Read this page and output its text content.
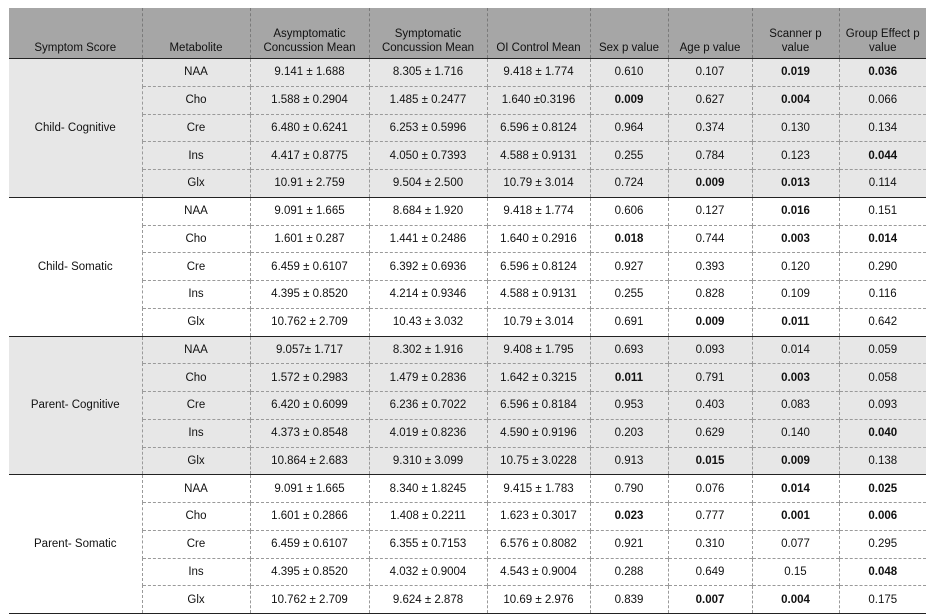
Symptom Score	Metabolite	Asymptomatic Concussion Mean	Symptomatic Concussion Mean	OI Control Mean	Sex p value	Age p value	Scanner p value	Group Effect p value
Child- Cognitive	NAA	9.141 ± 1.688	8.305 ± 1.716	9.418 ± 1.774	0.610	0.107	0.019	0.036
	Cho	1.588 ± 0.2904	1.485 ± 0.2477	1.640 ±0.3196	0.009	0.627	0.004	0.066
	Cre	6.480 ± 0.6241	6.253 ± 0.5996	6.596 ± 0.8124	0.964	0.374	0.130	0.134
	Ins	4.417 ± 0.8775	4.050 ± 0.7393	4.588 ± 0.9131	0.255	0.784	0.123	0.044
	Glx	10.91 ± 2.759	9.504 ± 2.500	10.79 ± 3.014	0.724	0.009	0.013	0.114
Child- Somatic	NAA	9.091 ± 1.665	8.684 ± 1.920	9.418 ± 1.774	0.606	0.127	0.016	0.151
	Cho	1.601 ± 0.287	1.441 ± 0.2486	1.640 ± 0.2916	0.018	0.744	0.003	0.014
	Cre	6.459 ± 0.6107	6.392 ± 0.6936	6.596 ± 0.8124	0.927	0.393	0.120	0.290
	Ins	4.395 ± 0.8520	4.214 ± 0.9346	4.588 ± 0.9131	0.255	0.828	0.109	0.116
	Glx	10.762 ± 2.709	10.43 ± 3.032	10.79 ± 3.014	0.691	0.009	0.011	0.642
Parent- Cognitive	NAA	9.057± 1.717	8.302 ± 1.916	9.408 ± 1.795	0.693	0.093	0.014	0.059
	Cho	1.572 ± 0.2983	1.479 ± 0.2836	1.642 ± 0.3215	0.011	0.791	0.003	0.058
	Cre	6.420 ± 0.6099	6.236 ± 0.7022	6.596 ± 0.8184	0.953	0.403	0.083	0.093
	Ins	4.373 ± 0.8548	4.019 ± 0.8236	4.590 ± 0.9196	0.203	0.629	0.140	0.040
	Glx	10.864 ± 2.683	9.310 ± 3.099	10.75 ± 3.0228	0.913	0.015	0.009	0.138
Parent- Somatic	NAA	9.091 ± 1.665	8.340 ± 1.8245	9.415 ± 1.783	0.790	0.076	0.014	0.025
	Cho	1.601 ± 0.2866	1.408 ± 0.2211	1.623 ± 0.3017	0.023	0.777	0.001	0.006
	Cre	6.459 ± 0.6107	6.355 ± 0.7153	6.576 ± 0.8082	0.921	0.310	0.077	0.295
	Ins	4.395 ± 0.8520	4.032 ± 0.9004	4.543 ± 0.9004	0.288	0.649	0.15	0.048
	Glx	10.762 ± 2.709	9.624 ± 2.878	10.69 ± 2.976	0.839	0.007	0.004	0.175
